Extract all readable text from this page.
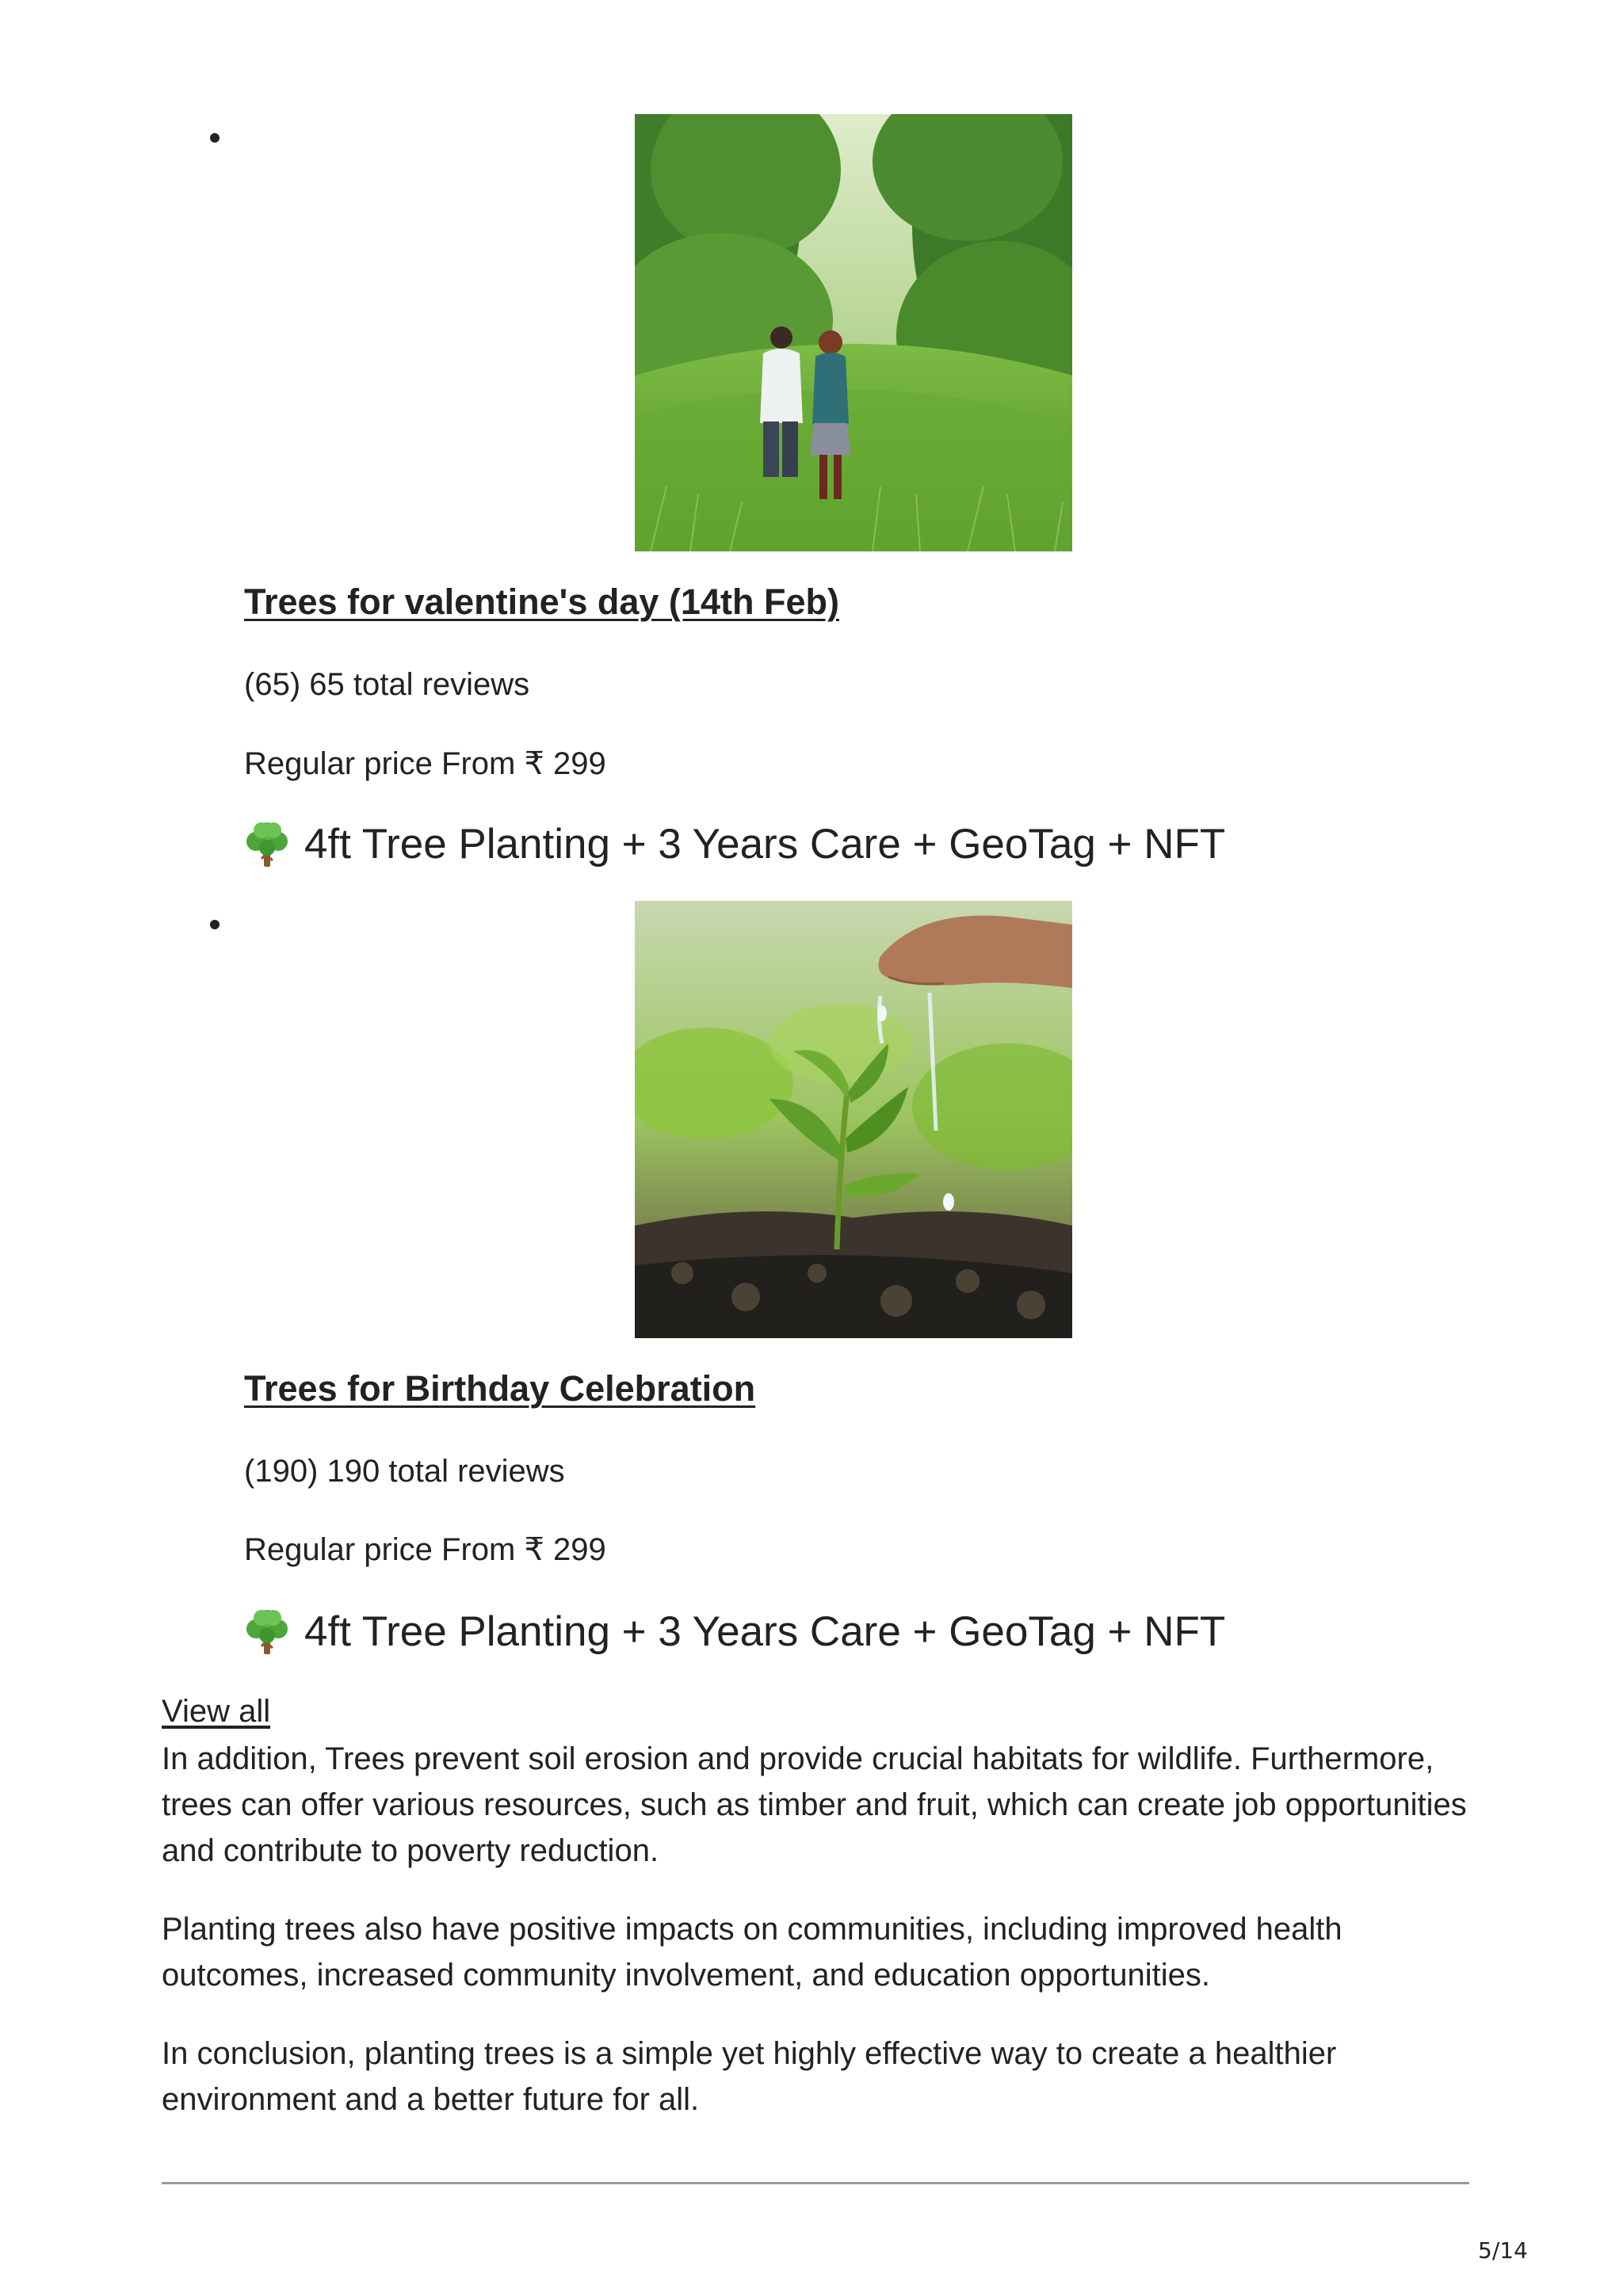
Trees for valentine's day (14th Feb)
(65) 65 total reviews
Regular price From ₹ 299
4ft Tree Planting + 3 Years Care + GeoTag + NFT
Trees for Birthday Celebration
(190) 190 total reviews
Regular price From ₹ 299
4ft Tree Planting + 3 Years Care + GeoTag + NFT
View all

In addition, Trees prevent soil erosion and provide crucial habitats for wildlife. Furthermore, trees can offer various resources, such as timber and fruit, which can create job opportunities and contribute to poverty reduction.

Planting trees also have positive impacts on communities, including improved health outcomes, increased community involvement, and education opportunities.

In conclusion, planting trees is a simple yet highly effective way to create a healthier environment and a better future for all.

5/14
